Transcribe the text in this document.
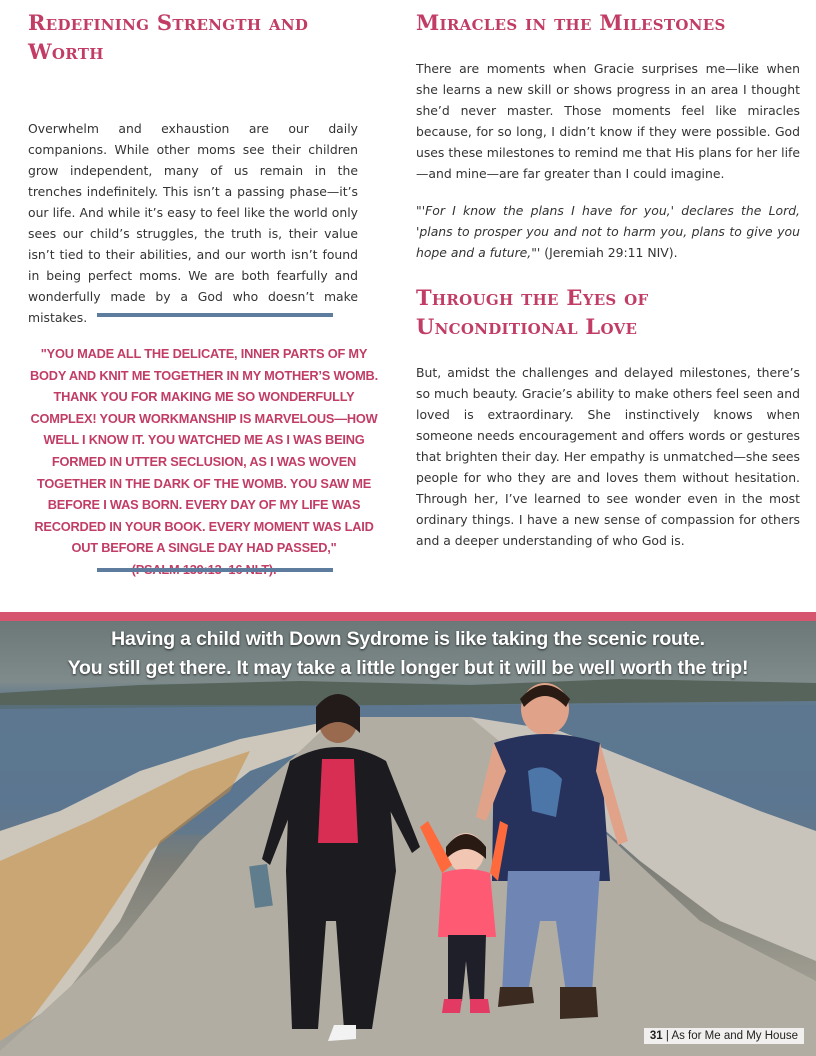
Redefining Strength and Worth

Overwhelm and exhaustion are our daily companions. While other moms see their children grow independent, many of us remain in the trenches indefinitely. This isn’t a passing phase—it’s our life. And while it’s easy to feel like the world only sees our child’s struggles, the truth is, their value isn’t tied to their abilities, and our worth isn’t found in being perfect moms. We are both fearfully and wonderfully made by a God who doesn’t make mistakes.

"YOU MADE ALL THE DELICATE, INNER PARTS OF MY BODY AND KNIT ME TOGETHER IN MY MOTHER’S WOMB. THANK YOU FOR MAKING ME SO WONDERFULLY COMPLEX! YOUR WORKMANSHIP IS MARVELOUS—HOW WELL I KNOW IT. YOU WATCHED ME AS I WAS BEING FORMED IN UTTER SECLUSION, AS I WAS WOVEN TOGETHER IN THE DARK OF THE WOMB. YOU SAW ME BEFORE I WAS BORN. EVERY DAY OF MY LIFE WAS RECORDED IN YOUR BOOK. EVERY MOMENT WAS LAID OUT BEFORE A SINGLE DAY HAD PASSED,"
Miracles in the Milestones

There are moments when Gracie surprises me—like when she learns a new skill or shows progress in an area I thought she’d never master. Those moments feel like miracles because, for so long, I didn’t know if they were possible. God uses these milestones to remind me that His plans for her life—and mine—are far greater than I could imagine.

"'For I know the plans I have for you,' declares the Lord, 'plans to prosper you and not to harm you, plans to give you hope and a future,"' (Jeremiah 29:11 NIV).

Through the Eyes of Unconditional Love

But, amidst the challenges and delayed milestones, there’s so much beauty. Gracie’s ability to make others feel seen and loved is extraordinary. She instinctively knows when someone needs encouragement and offers words or gestures that brighten their day. Her empathy is unmatched—she sees people for who they are and loves them without hesitation. Through her, I’ve learned to see wonder even in the most ordinary things. I have a new sense of compassion for others and a deeper understanding of who God is.

Having a child with Down Sydrome is like taking the scenic route.
You still get there. It may take a little longer but it will be well worth the trip!
31 | As for Me and My House
